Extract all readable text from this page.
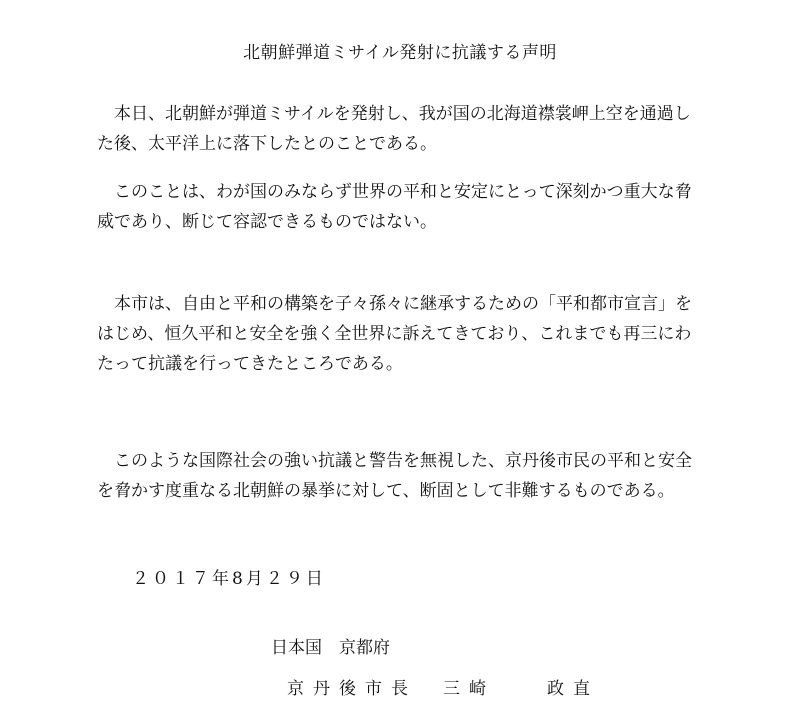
北朝鮮弾道ミサイル発射に抗議する声明
　本日、北朝鮮が弾道ミサイルを発射し、我が国の北海道襟裳岬上空を通過し
た後、太平洋上に落下したとのことである。
　このことは、わが国のみならず世界の平和と安定にとって深刻かつ重大な脅
威であり、断じて容認できるものではない。
　本市は、自由と平和の構築を子々孫々に継承するための「平和都市宣言」を
はじめ、恒久平和と安全を強く全世界に訴えてきており、これまでも再三にわ
たって抗議を行ってきたところである。
　このような国際社会の強い抗議と警告を無視した、京丹後市民の平和と安全
を脅かす度重なる北朝鮮の暴挙に対して、断固として非難するものである。
２０１７年8月２９日
日本国　京都府
京丹後市長　三崎　　政直
